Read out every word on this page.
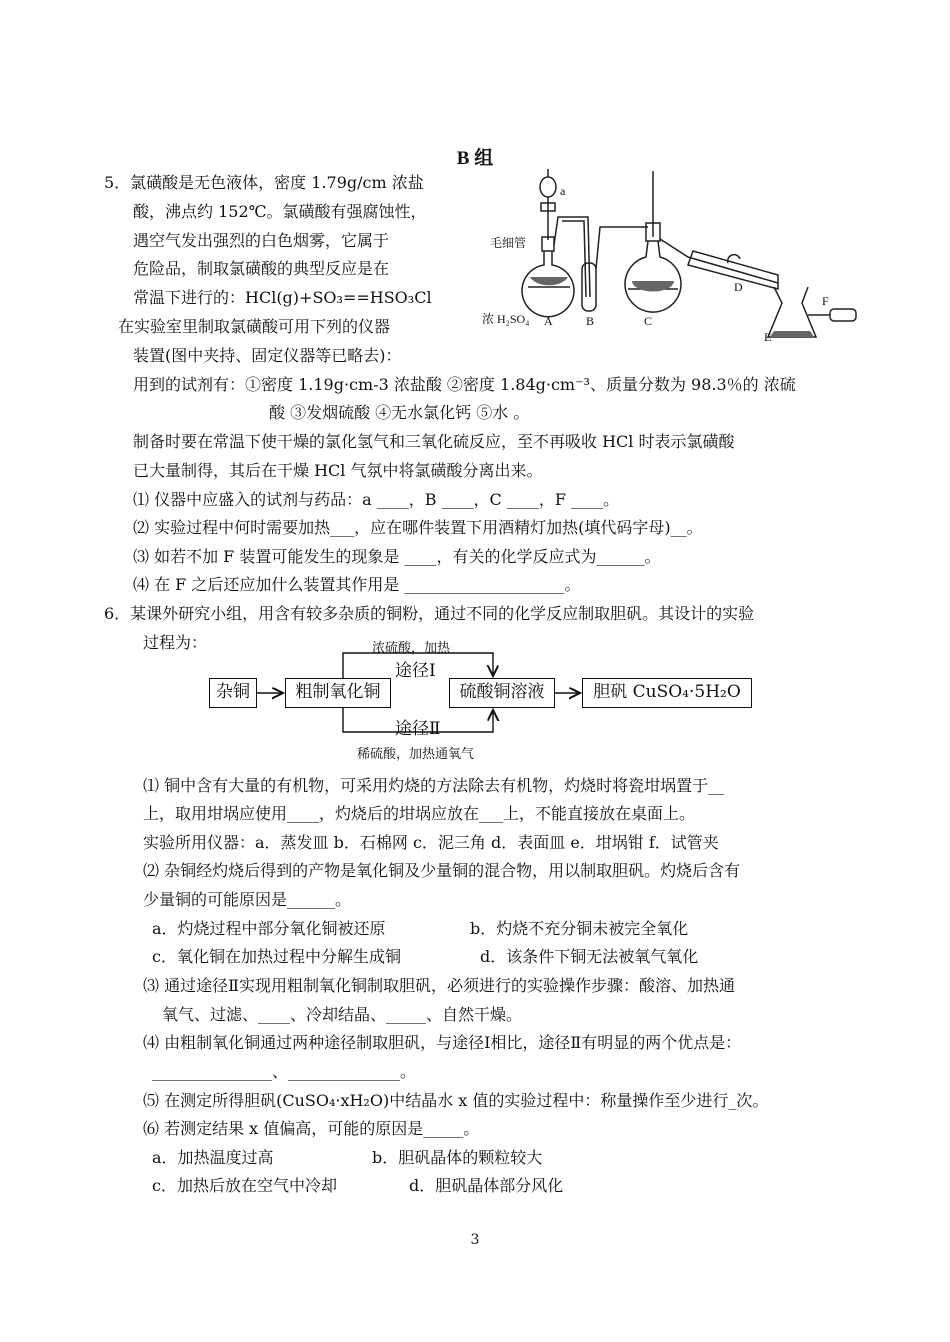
B 组
5．氯磺酸是无色液体，密度 1.79g/cm 浓盐
酸，沸点约 152℃。氯磺酸有强腐蚀性，
遇空气发出强烈的白色烟雾，它属于
危险品，制取氯磺酸的典型反应是在
常温下进行的：HCl(g)+SO₃==HSO₃Cl
在实验室里制取氯磺酸可用下列的仪器
装置(图中夹持、固定仪器等已略去)：
a
毛细管
浓 H₂SO₄ A	B	C
D
E
F
用到的试剂有：①密度 1.19g·cm-3 浓盐酸 ②密度 1.84g·cm⁻³、质量分数为 98.3％的 浓硫
酸 ③发烟硫酸 ④无水氯化钙 ⑤水 。
制备时要在常温下使干燥的氯化氢气和三氧化硫反应，至不再吸收 HCl 时表示氯磺酸
已大量制得，其后在干燥 HCl 气氛中将氯磺酸分离出来。
⑴ 仪器中应盛入的试剂与药品：a ____，B ____，C ____，F ____。
⑵ 实验过程中何时需要加热___，应在哪件装置下用酒精灯加热(填代码字母)__。
⑶ 如若不加 F 装置可能发生的现象是 ____，有关的化学反应式为______。
⑷ 在 F 之后还应加什么装置其作用是 ____________________。
6．某课外研究小组，用含有较多杂质的铜粉，通过不同的化学反应制取胆矾。其设计的实验
过程为：	浓硫酸，加热
途径Ⅰ
杂铜	粗制氧化铜	硫酸铜溶液	胆矾 CuSO₄·5H₂O
途径Ⅱ
稀硫酸，加热通氧气
⑴ 铜中含有大量的有机物，可采用灼烧的方法除去有机物，灼烧时将瓷坩埚置于__
上，取用坩埚应使用____，灼烧后的坩埚应放在___上，不能直接放在桌面上。
实验所用仪器：a．蒸发皿 b．石棉网 c．泥三角 d．表面皿 e．坩埚钳 f．试管夹
⑵ 杂铜经灼烧后得到的产物是氧化铜及少量铜的混合物，用以制取胆矾。灼烧后含有
少量铜的可能原因是______。
a．灼烧过程中部分氧化铜被还原	b．灼烧不充分铜未被完全氧化
c．氧化铜在加热过程中分解生成铜	d．该条件下铜无法被氧气氧化
⑶ 通过途径Ⅱ实现用粗制氧化铜制取胆矾，必须进行的实验操作步骤：酸溶、加热通
氧气、过滤、____、冷却结晶、_____、自然干燥。
⑷ 由粗制氧化铜通过两种途径制取胆矾，与途径Ⅰ相比，途径Ⅱ有明显的两个优点是：
_______________、______________。
⑸ 在测定所得胆矾(CuSO₄·xH₂O)中结晶水 x 值的实验过程中：称量操作至少进行_次。
⑹ 若测定结果 x 值偏高，可能的原因是_____。
a．加热温度过高	b．胆矾晶体的颗粒较大
c．加热后放在空气中冷却	d．胆矾晶体部分风化
3
